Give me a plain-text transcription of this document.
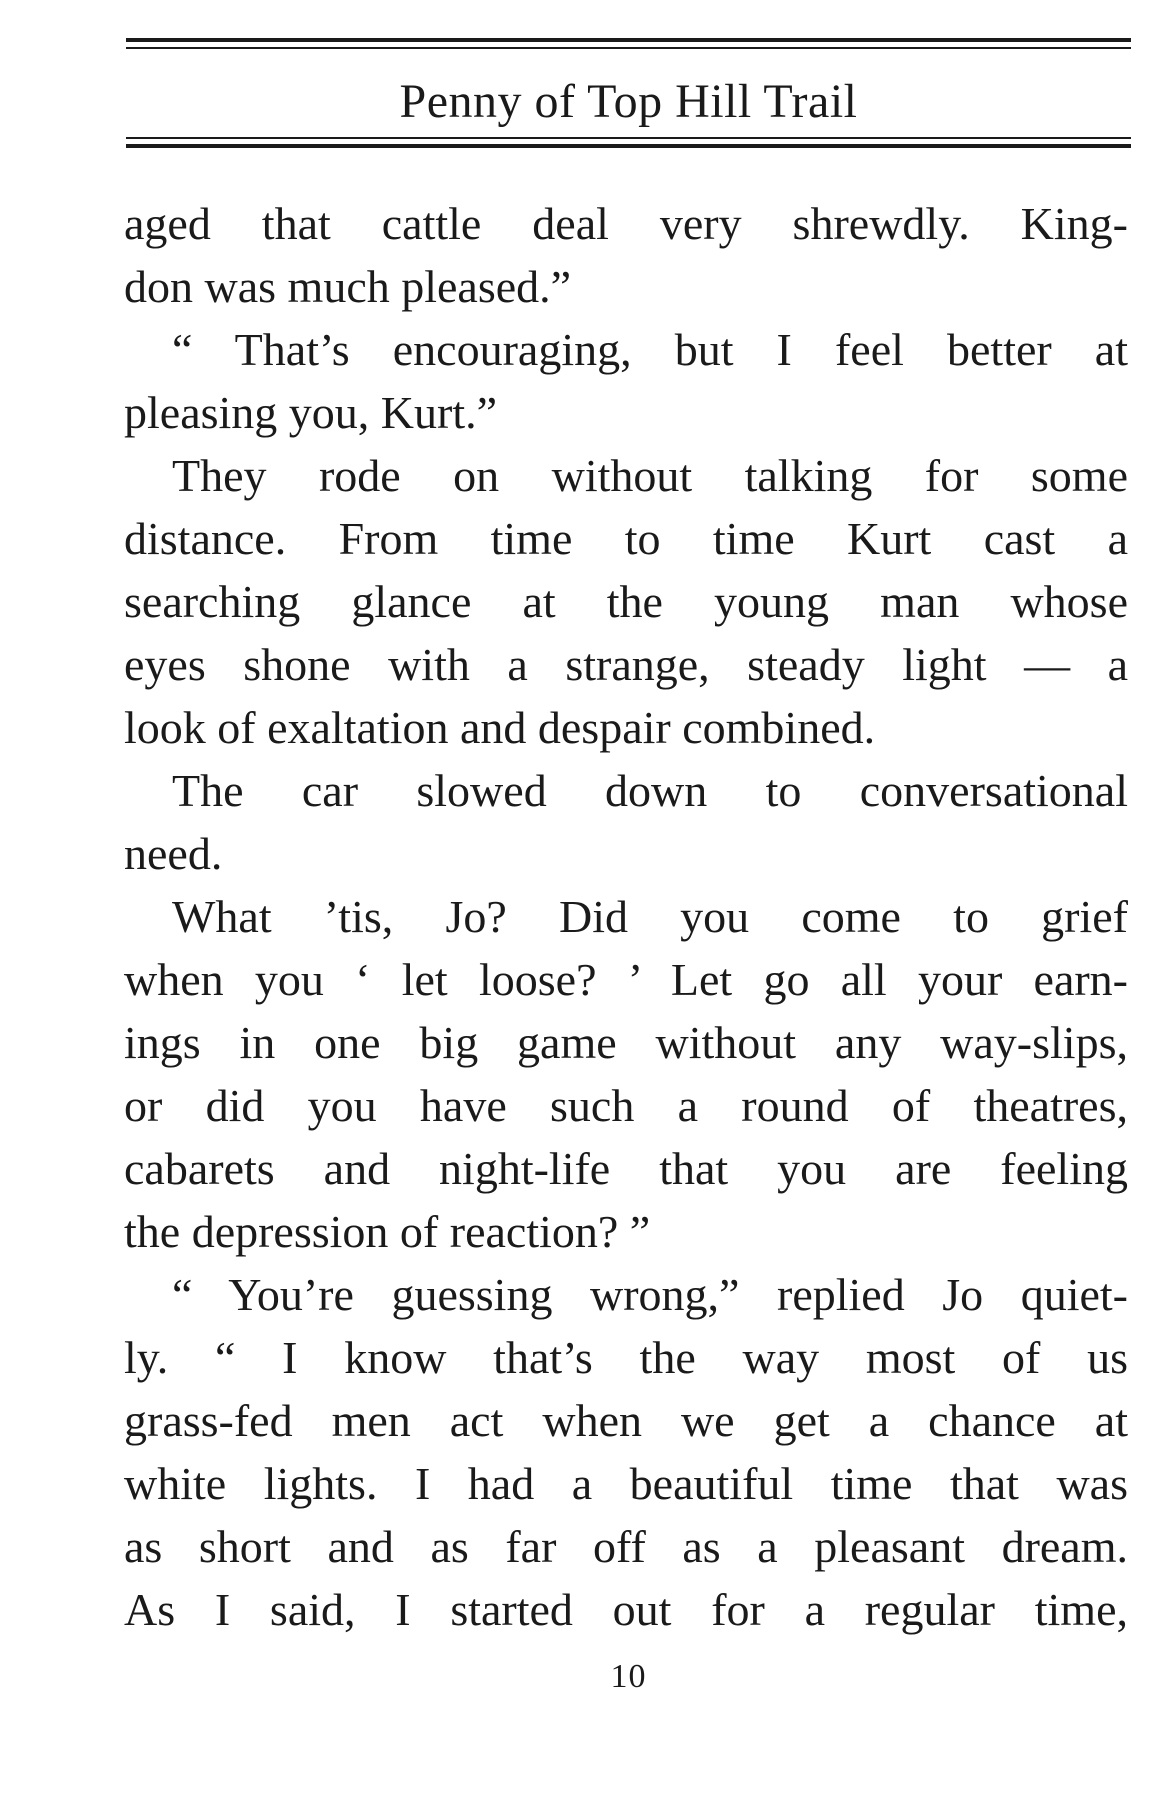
Penny of Top Hill Trail
aged that cattle deal very shrewdly. King-
don was much pleased.”
“ That’s encouraging, but I feel better at
pleasing you, Kurt.”
They rode on without talking for some
distance. From time to time Kurt cast a
searching glance at the young man whose
eyes shone with a strange, steady light — a
look of exaltation and despair combined.
The car slowed down to conversational
need.
What ’tis, Jo? Did you come to grief
when you ‘ let loose? ’ Let go all your earn-
ings in one big game without any way-slips,
or did you have such a round of theatres,
cabarets and night-life that you are feeling
the depression of reaction? ”
“ You’re guessing wrong,” replied Jo quiet-
ly. “ I know that’s the way most of us
grass-fed men act when we get a chance at
white lights. I had a beautiful time that was
as short and as far off as a pleasant dream.
As I said, I started out for a regular time,
10
